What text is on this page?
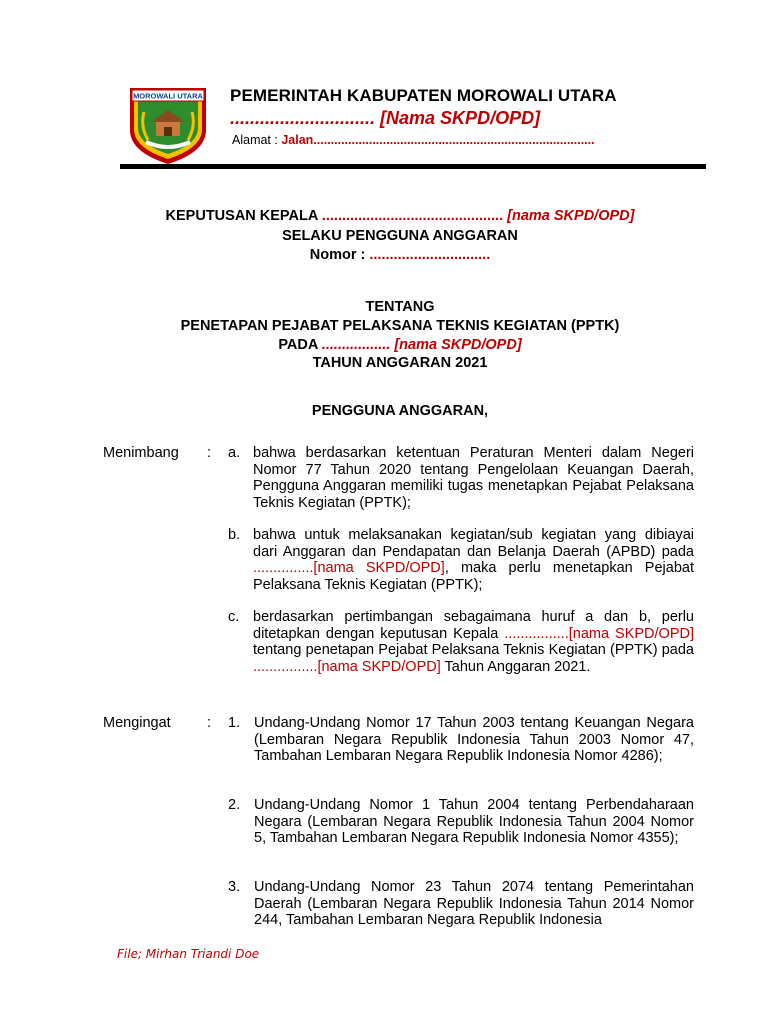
MOROWALI UTARA PEMERINTAH KABUPATEN MOROWALI UTARA
............................. [Nama SKPD/OPD]
Alamat : Jalan.................................................................................
KEPUTUSAN KEPALA ............................................. [nama SKPD/OPD]
SELAKU PENGGUNA ANGGARAN
Nomor : ..............................
TENTANG
PENETAPAN PEJABAT PELAKSANA TEKNIS KEGIATAN (PPTK)
PADA ................. [nama SKPD/OPD]
TAHUN ANGGARAN 2021
PENGGUNA ANGGARAN,
Menimbang : a. bahwa berdasarkan ketentuan Peraturan Menteri dalam Negeri Nomor 77 Tahun 2020 tentang Pengelolaan Keuangan Daerah, Pengguna Anggaran memiliki tugas menetapkan Pejabat Pelaksana Teknis Kegiatan (PPTK);
b. bahwa untuk melaksanakan kegiatan/sub kegiatan yang dibiayai dari Anggaran dan Pendapatan dan Belanja Daerah (APBD) pada ...............[nama SKPD/OPD], maka perlu menetapkan Pejabat Pelaksana Teknis Kegiatan (PPTK);
c. berdasarkan pertimbangan sebagaimana huruf a dan b, perlu ditetapkan dengan keputusan Kepala ................[nama SKPD/OPD] tentang penetapan Pejabat Pelaksana Teknis Kegiatan (PPTK) pada ................[nama SKPD/OPD] Tahun Anggaran 2021.
Mengingat	: 1. Undang-Undang Nomor 17 Tahun 2003 tentang Keuangan Negara (Lembaran Negara Republik Indonesia Tahun 2003 Nomor 47, Tambahan Lembaran Negara Republik Indonesia Nomor 4286);
2. Undang-Undang Nomor 1 Tahun 2004 tentang Perbendaharaan Negara (Lembaran Negara Republik Indonesia Tahun 2004 Nomor 5, Tambahan Lembaran Negara Republik Indonesia Nomor 4355);
3. Undang-Undang Nomor 23 Tahun 2074 tentang Pemerintahan Daerah (Lembaran Negara Republik Indonesia Tahun 2014 Nomor 244, Tambahan Lembaran Negara Republik Indonesia
File; Mirhan Triandi Doe
